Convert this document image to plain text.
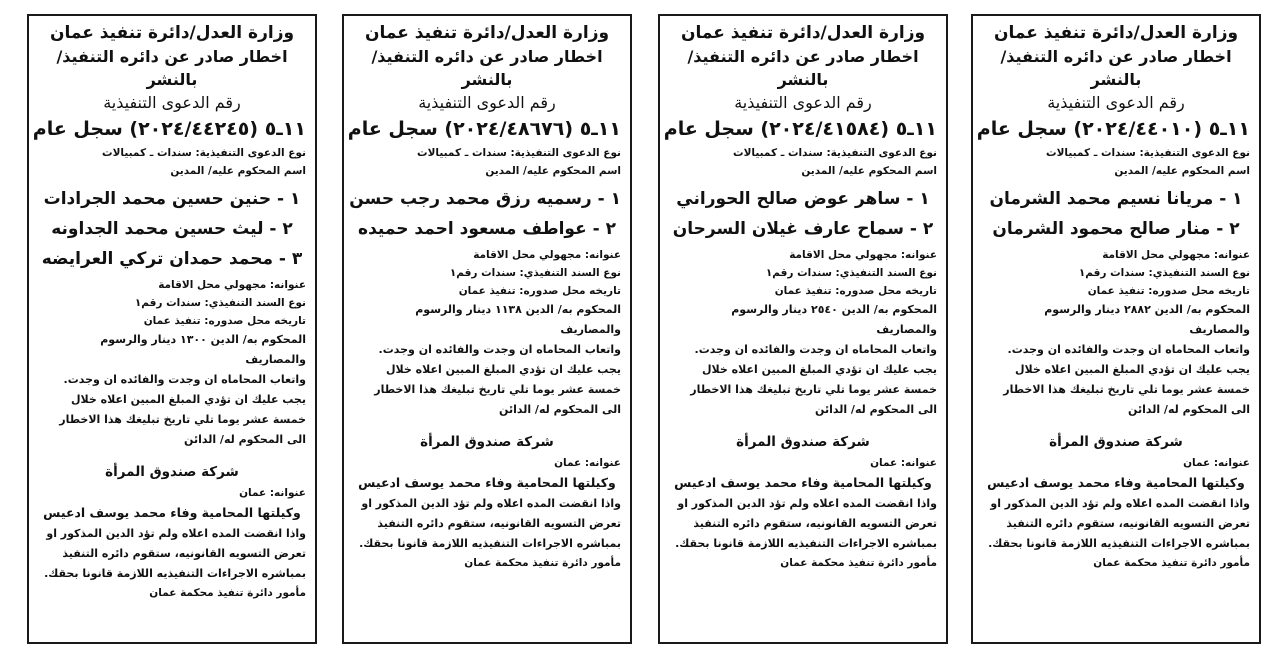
وزارة العدل/دائرة تنفيذ عمان
اخطار صادر عن دائره التنفيذ/ بالنشر
رقم الدعوى التنفيذية
١١ـ٥ (٢٠٢٤/٤٤٠١٠) سجل عام
نوع الدعوى التنفيذية: سندات ـ كمبيالات
اسم المحكوم عليه/ المدين
١ - مريانا نسيم محمد الشرمان
٢ - منار صالح محمود الشرمان
عنوانه: مجهولي محل الاقامة
نوع السند التنفيذي: سندات رقم١
تاريخه محل صدوره: تنفيذ عمان
المحكوم به/ الدين ٢٨٨٢ دينار والرسوم والمصاريف
واتعاب المحاماه ان وجدت والفائده ان وجدت.
يجب عليك ان تؤدي المبلغ المبين اعلاه خلال خمسة عشر يوما تلي تاريخ تبليغك هذا الاخطار الى المحكوم له/ الدائن
شركة صندوق المرأة
عنوانه: عمان
وكيلتها المحامية وفاء محمد يوسف ادعيس
واذا انقضت المده اعلاه ولم تؤد الدين المذكور او تعرض التسويه القانونيه، ستقوم دائره التنفيذ بمباشره الاجراءات التنفيذيه اللازمة قانونا بحقك.
مأمور دائرة تنفيذ محكمة عمان
وزارة العدل/دائرة تنفيذ عمان
اخطار صادر عن دائره التنفيذ/ بالنشر
رقم الدعوى التنفيذية
١١ـ٥ (٢٠٢٤/٤١٥٨٤) سجل عام
نوع الدعوى التنفيذية: سندات ـ كمبيالات
اسم المحكوم عليه/ المدين
١ - ساهر عوض صالح الحوراني
٢ - سماح عارف غيلان السرحان
عنوانه: مجهولي محل الاقامة
نوع السند التنفيذي: سندات رقم١
تاريخه محل صدوره: تنفيذ عمان
المحكوم به/ الدين ٢٥٤٠ دينار والرسوم والمصاريف
واتعاب المحاماه ان وجدت والفائده ان وجدت.
يجب عليك ان تؤدي المبلغ المبين اعلاه خلال خمسة عشر يوما تلي تاريخ تبليغك هذا الاخطار الى المحكوم له/ الدائن
شركة صندوق المرأة
عنوانه: عمان
وكيلتها المحامية وفاء محمد يوسف ادعيس
واذا انقضت المده اعلاه ولم تؤد الدين المذكور او تعرض التسويه القانونيه، ستقوم دائره التنفيذ بمباشره الاجراءات التنفيذيه اللازمة قانونا بحقك.
مأمور دائرة تنفيذ محكمة عمان
وزارة العدل/دائرة تنفيذ عمان
اخطار صادر عن دائره التنفيذ/ بالنشر
رقم الدعوى التنفيذية
١١ـ٥ (٢٠٢٤/٤٨٦٧٦) سجل عام
نوع الدعوى التنفيذية: سندات ـ كمبيالات
اسم المحكوم عليه/ المدين
١ - رسميه رزق محمد رجب حسن
٢ - عواطف مسعود احمد حميده
عنوانه: مجهولي محل الاقامة
نوع السند التنفيذي: سندات رقم١
تاريخه محل صدوره: تنفيذ عمان
المحكوم به/ الدين ١١٣٨ دينار والرسوم والمصاريف
واتعاب المحاماه ان وجدت والفائده ان وجدت.
يجب عليك ان تؤدي المبلغ المبين اعلاه خلال خمسة عشر يوما تلي تاريخ تبليغك هذا الاخطار الى المحكوم له/ الدائن
شركة صندوق المرأة
عنوانه: عمان
وكيلتها المحامية وفاء محمد يوسف ادعيس
واذا انقضت المده اعلاه ولم تؤد الدين المذكور او تعرض التسويه القانونيه، ستقوم دائره التنفيذ بمباشره الاجراءات التنفيذيه اللازمة قانونا بحقك.
مأمور دائرة تنفيذ محكمة عمان
وزارة العدل/دائرة تنفيذ عمان
اخطار صادر عن دائره التنفيذ/ بالنشر
رقم الدعوى التنفيذية
١١ـ٥ (٢٠٢٤/٤٤٢٤٥) سجل عام
نوع الدعوى التنفيذية: سندات ـ كمبيالات
اسم المحكوم عليه/ المدين
١ - حنين حسين محمد الجرادات
٢ - ليث حسين محمد الجداونه
٣ - محمد حمدان تركي العرايضه
عنوانه: مجهولي محل الاقامة
نوع السند التنفيذي: سندات رقم١
تاريخه محل صدوره: تنفيذ عمان
المحكوم به/ الدين ١٣٠٠ دينار والرسوم والمصاريف
واتعاب المحاماه ان وجدت والفائده ان وجدت.
يجب عليك ان تؤدي المبلغ المبين اعلاه خلال خمسة عشر يوما تلي تاريخ تبليغك هذا الاخطار الى المحكوم له/ الدائن
شركة صندوق المرأة
عنوانه: عمان
وكيلتها المحامية وفاء محمد يوسف ادعيس
واذا انقضت المده اعلاه ولم تؤد الدين المذكور او تعرض التسويه القانونيه، ستقوم دائره التنفيذ بمباشره الاجراءات التنفيذيه اللازمة قانونا بحقك.
مأمور دائرة تنفيذ محكمة عمان
